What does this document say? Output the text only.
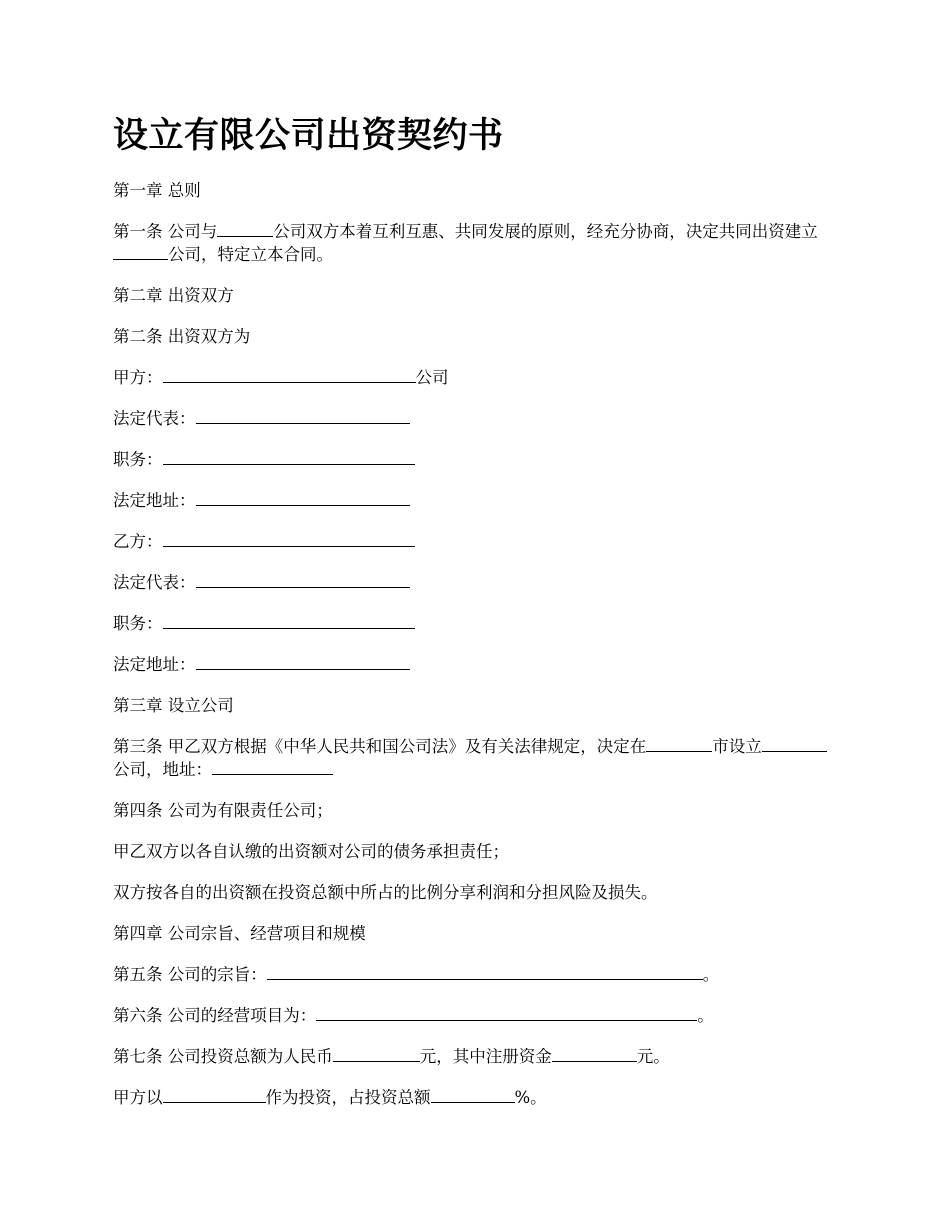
设立有限公司出资契约书
第一章 总则
第一条 公司与	公司双方本着互利互惠、共同发展的原则，经充分协商，决定共同出资建立公司，特定立本合同。
第二章 出资双方
第二条 出资双方为
甲方：	公司
法定代表：
职务：
法定地址：
乙方：
法定代表：
职务：
法定地址：
第三章 设立公司
第三条 甲乙双方根据《中华人民共和国公司法》及有关法律规定，决定在	市设立公司，地址：
第四条 公司为有限责任公司；
甲乙双方以各自认缴的出资额对公司的债务承担责任；
双方按各自的出资额在投资总额中所占的比例分享利润和分担风险及损失。
第四章 公司宗旨、经营项目和规模
第五条 公司的宗旨：	。
第六条 公司的经营项目为：	。
第七条 公司投资总额为人民币	元，其中注册资金	元。
甲方以	作为投资，占投资总额	%。
